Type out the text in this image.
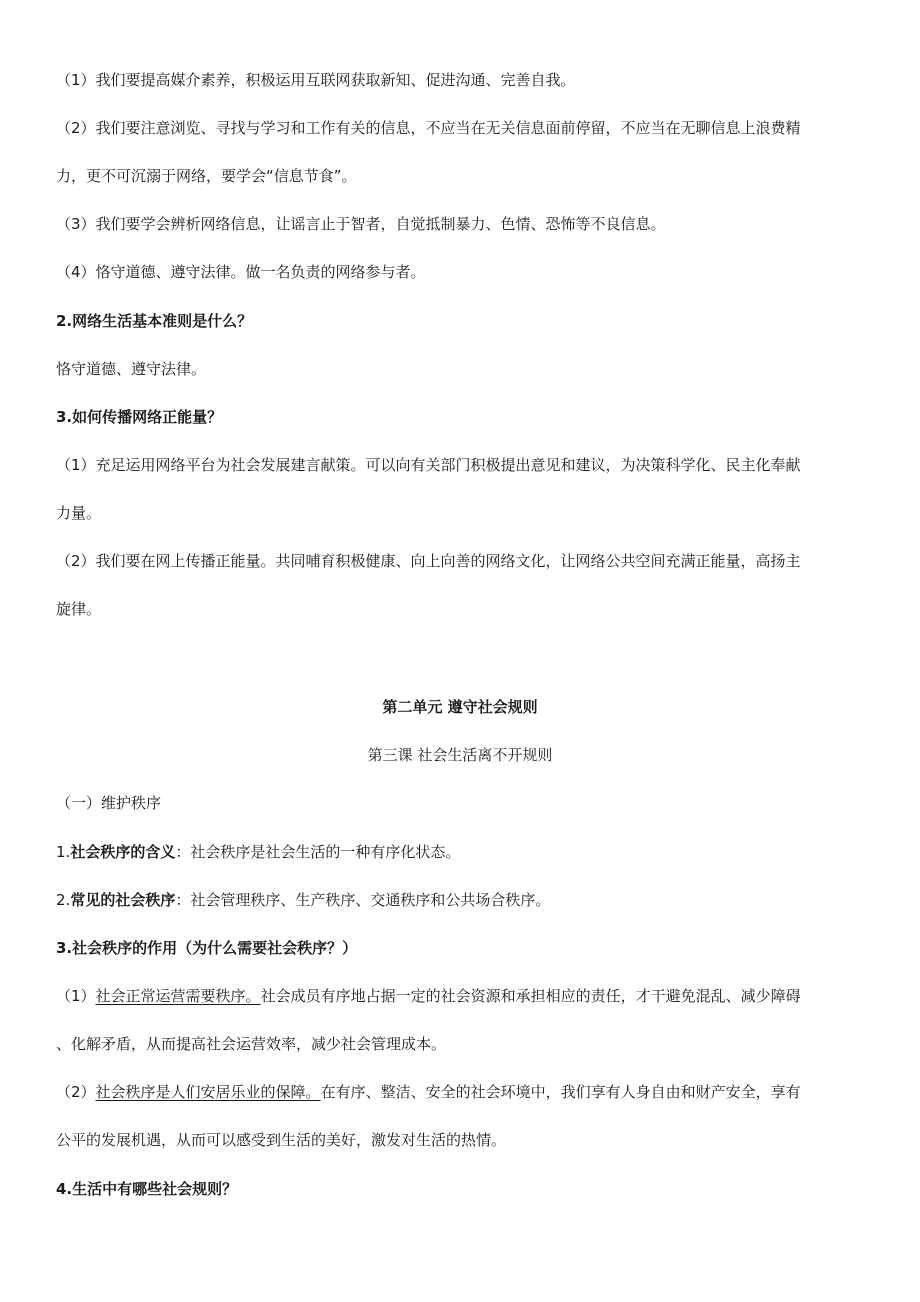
（1）我们要提高媒介素养，积极运用互联网获取新知、促进沟通、完善自我。
（2）我们要注意浏览、寻找与学习和工作有关的信息，不应当在无关信息面前停留，不应当在无聊信息上浪费精
力，更不可沉溺于网络，要学会“信息节食”。
（3）我们要学会辨析网络信息，让谣言止于智者，自觉抵制暴力、色情、恐怖等不良信息。
（4）恪守道德、遵守法律。做一名负责的网络参与者。
2.网络生活基本准则是什么？
恪守道德、遵守法律。
3.如何传播网络正能量？
（1）充足运用网络平台为社会发展建言献策。可以向有关部门积极提出意见和建议，为决策科学化、民主化奉献
力量。
（2）我们要在网上传播正能量。共同哺育积极健康、向上向善的网络文化，让网络公共空间充满正能量，高扬主
旋律。
第二单元 遵守社会规则
第三课 社会生活离不开规则
（一）维护秩序
1.社会秩序的含义：社会秩序是社会生活的一种有序化状态。
2.常见的社会秩序：社会管理秩序、生产秩序、交通秩序和公共场合秩序。
3.社会秩序的作用（为什么需要社会秩序？）
（1）社会正常运营需要秩序。社会成员有序地占据一定的社会资源和承担相应的责任，才干避免混乱、减少障碍
、化解矛盾，从而提高社会运营效率，减少社会管理成本。
（2）社会秩序是人们安居乐业的保障。在有序、整洁、安全的社会环境中，我们享有人身自由和财产安全，享有
公平的发展机遇，从而可以感受到生活的美好，激发对生活的热情。
4.生活中有哪些社会规则？
